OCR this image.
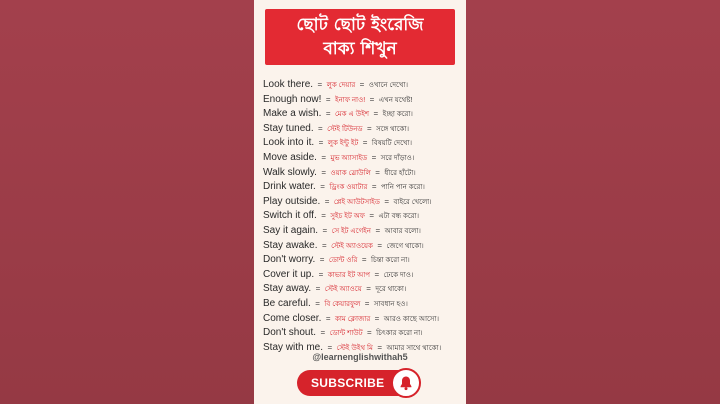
ছোট ছোট ইংরেজি
বাক্য শিখুন
Look there. = লুক দেয়ার = ওখানে দেখো।
Enough now! = ইনাফ নাও! = এখন যথেষ্ট!
Make a wish. = মেক এ উইশ = ইচ্ছা করো।
Stay tuned. = স্টেই টিউনড = সঙ্গে থাকো।
Look into it. = লুক ইন্টু ইট = বিষয়টি দেখো।
Move aside. = মুভ অ্যাসাইড = সরে দাঁড়াও।
Walk slowly. = ওয়াক স্লোউলি = ধীরে হাঁটো।
Drink water. = ড্রিংক ওয়াটার = পানি পান করো।
Play outside. = প্লেই আউটসাইড = বাইরে খেলো।
Switch it off. = সুইচ ইট অফ = এটা বন্ধ করো।
Say it again. = সে ইট এগেইন = আবার বলো।
Stay awake. = স্টেই অ্যাওয়েক = জেগে থাকো।
Don't worry. = ডোন্ট ওরি = চিন্তা করো না।
Cover it up. = কাভার ইট আপ = ঢেকে দাও।
Stay away. = স্টেই অ্যাওয়ে = দূরে থাকো।
Be careful. = বি কেয়ারফুল = সাবধান হও।
Come closer. = কাম ক্লোজার = আরও কাছে আসো।
Don't shout. = ডোন্ট শাউট = চিৎকার করো না।
Stay with me. = স্টেই উইথ মি = আমার সাথে থাকো।
@learnenglishwithah5
SUBSCRIBE
